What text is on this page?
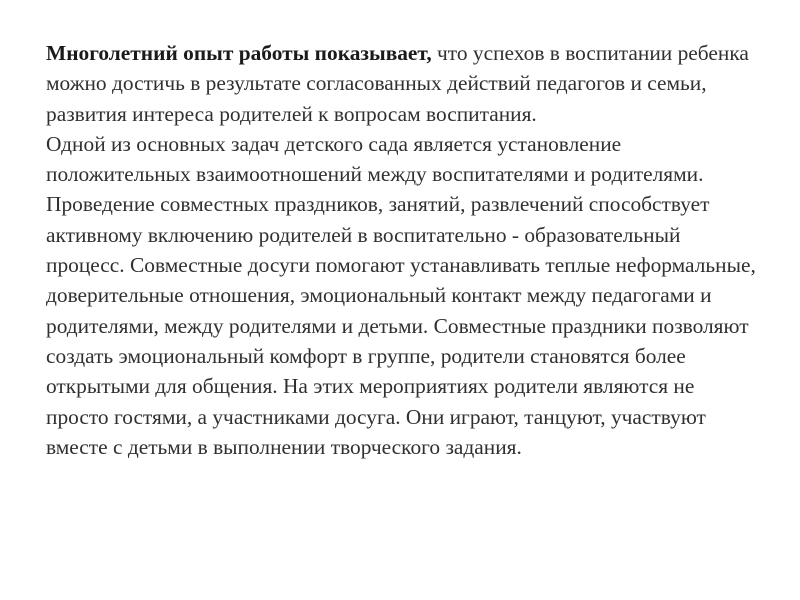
Многолетний опыт работы показывает, что успехов в воспитании ребенка можно достичь в результате согласованных действий педагогов и семьи, развития интереса родителей к вопросам воспитания.

Одной из основных задач детского сада является установление положительных взаимоотношений между воспитателями и родителями.

Проведение совместных праздников, занятий, развлечений способствует активному включению родителей в воспитательно - образовательный процесс. Совместные досуги помогают устанавливать теплые неформальные, доверительные отношения, эмоциональный контакт между педагогами и родителями, между родителями и детьми. Совместные праздники позволяют создать эмоциональный комфорт в группе, родители становятся более открытыми для общения. На этих мероприятиях родители являются не просто гостями, а участниками досуга. Они играют, танцуют, участвуют вместе с детьми в выполнении творческого задания.
